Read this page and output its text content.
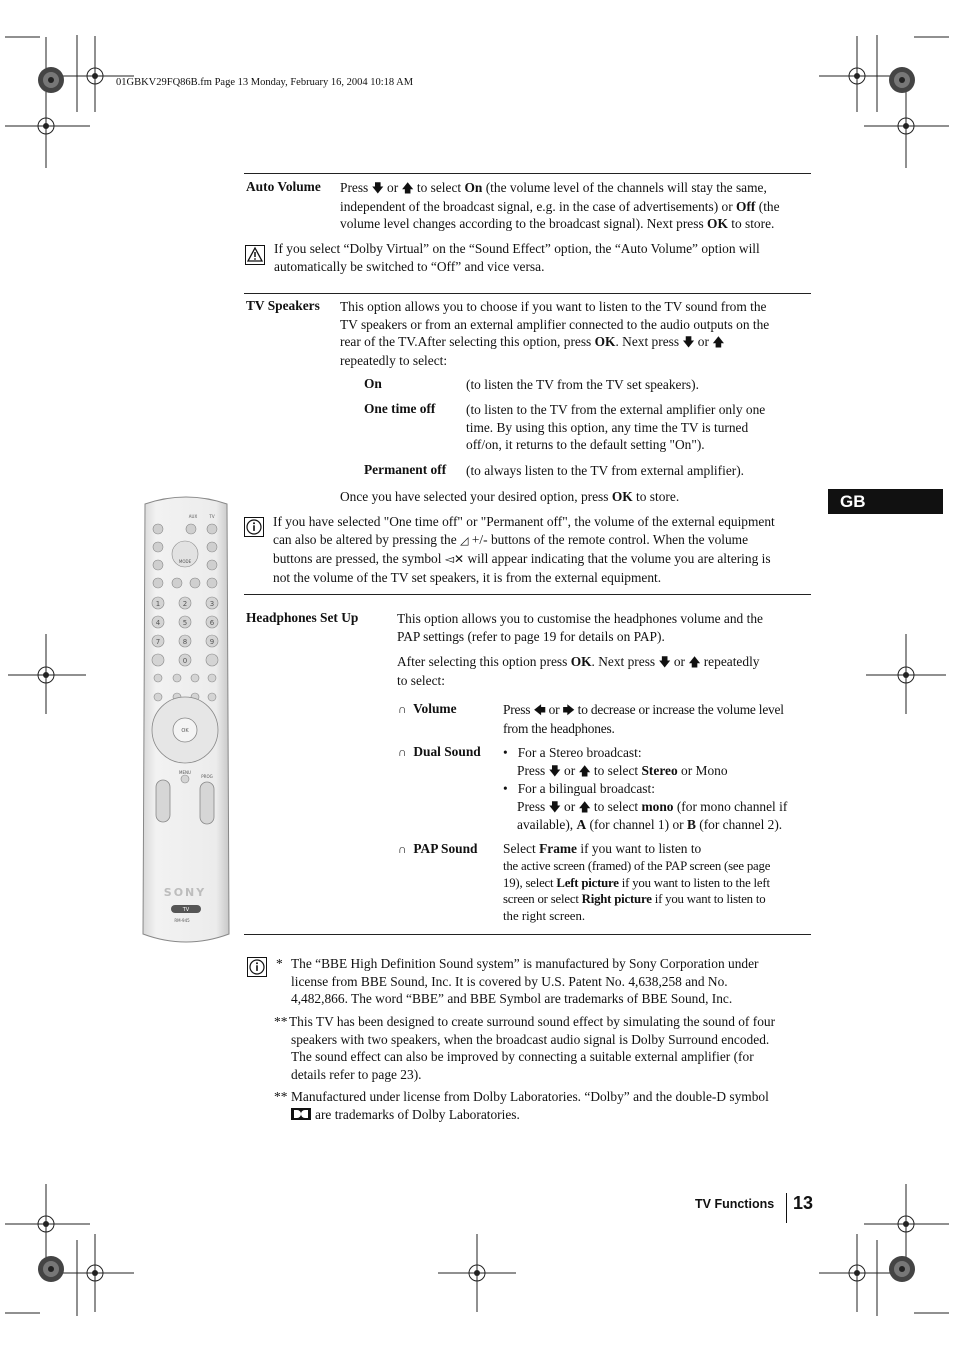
01GBKV29FQ86B.fm Page 13 Monday, February 16, 2004 10:18 AM
GB
Auto Volume Press 🡇 or 🡅 to select On (the volume level of the channels will stay the same,

independent of the broadcast signal, e.g. in the case of advertisements) or Off (the

volume level changes according to the broadcast signal). Next press OK to store.

If you select “Dolby Virtual” on the “Sound Effect” option, the “Auto Volume” option will

automatically be switched to “Off” and vice versa.

TV Speakers This option allows you to choose if you want to listen to the TV sound from the

TV speakers or from an external amplifier connected to the audio outputs on the

rear of the TV.After selecting this option, press OK. Next press 🡇 or 🡅

repeatedly to select:

On	(to listen the TV from the TV set speakers).

One time off (to listen to the TV from the external amplifier only one

time. By using this option, any time the TV is turned

off/on, it returns to the default setting "On").

Permanent off (to always listen to the TV from external amplifier).

Once you have selected your desired option, press OK to store.

If you have selected "One time off" or "Permanent off", the volume of the external equipment

can also be altered by pressing the ◿ +/- buttons of the remote control. When the volume

buttons are pressed, the symbol ◅✕ will appear indicating that the volume you are altering is

not the volume of the TV set speakers, it is from the external equipment.

Headphones Set Up	This option allows you to customise the headphones volume and the

PAP settings (refer to page 19 for details on PAP).

After selecting this option press OK. Next press 🡇 or 🡅 repeatedly

to select:

∩ Volume	Press 🡄 or 🡆 to decrease or increase the volume level

from the headphones.

∩ Dual Sound •   For a Stereo broadcast:

Press 🡇 or 🡅 to select Stereo or Mono

•   For a bilingual broadcast:

Press 🡇 or 🡅 to select mono (for mono channel if

available), A (for channel 1) or B (for channel 2).

∩ PAP Sound Select Frame if you want to listen to

the active screen (framed) of the PAP screen (see page

19), select Left picture if you want to listen to the left

screen or select Right picture if you want to listen to

the right screen.

* The “BBE High Definition Sound system” is manufactured by Sony Corporation under

license from BBE Sound, Inc. It is covered by U.S. Patent No. 4,638,258 and No.

4,482,866. The word “BBE” and BBE Symbol are trademarks of BBE Sound, Inc.

** This TV has been designed to create surround sound effect by simulating the sound of four

speakers with two speakers, when the broadcast audio signal is Dolby Surround encoded.

The sound effect can also be improved by connecting a suitable external amplifier (for

details refer to page 23).

** Manufactured under license from Dolby Laboratories. “Dolby” and the double-D symbol

are trademarks of Dolby Laboratories.

2
1	3
4	5	6
7	8	9
0
MODE
AUX	TV
OK
MENU
PROG
SONY
TV
RM-945
TV Functions 13
